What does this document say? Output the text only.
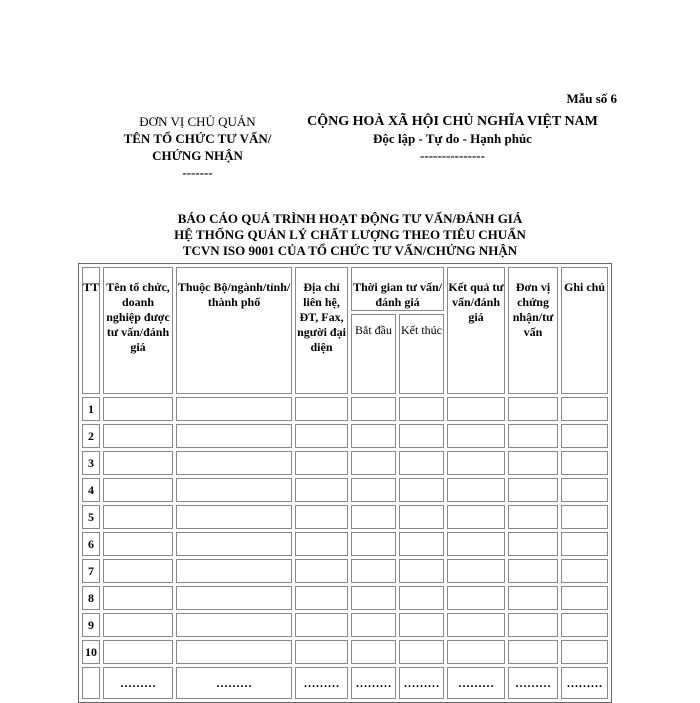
Mẫu số 6
ĐƠN VỊ CHỦ QUẢN
TÊN TỔ CHỨC TƯ VẤN/
CHỨNG NHẬN
-------
CỘNG HOÀ XÃ HỘI CHỦ NGHĨA VIỆT NAM
Độc lập - Tự do - Hạnh phúc
---------------
BÁO CÁO QUÁ TRÌNH HOẠT ĐỘNG TƯ VẤN/ĐÁNH GIÁ
HỆ THỐNG QUẢN LÝ CHẤT LƯỢNG THEO TIÊU CHUẨN
TCVN ISO 9001 CỦA TỔ CHỨC TƯ VẤN/CHỨNG NHẬN
TT	Tên tổ chức, doanh nghiệp được tư vấn/đánh giá	Thuộc Bộ/ngành/tỉnh/ thành phố	Địa chỉ liên hệ, ĐT, Fax, người đại diện	Thời gian tư vấn/đánh giá		Kết quả tư vấn/đánh giá	Đơn vị chứng nhận/tư vấn	Ghi chú
				Bắt đầu	Kết thúc			
1								
2								
3								
4								
5								
6								
7								
8								
9								
10								
	………	………	………	………	………	………	………	………
